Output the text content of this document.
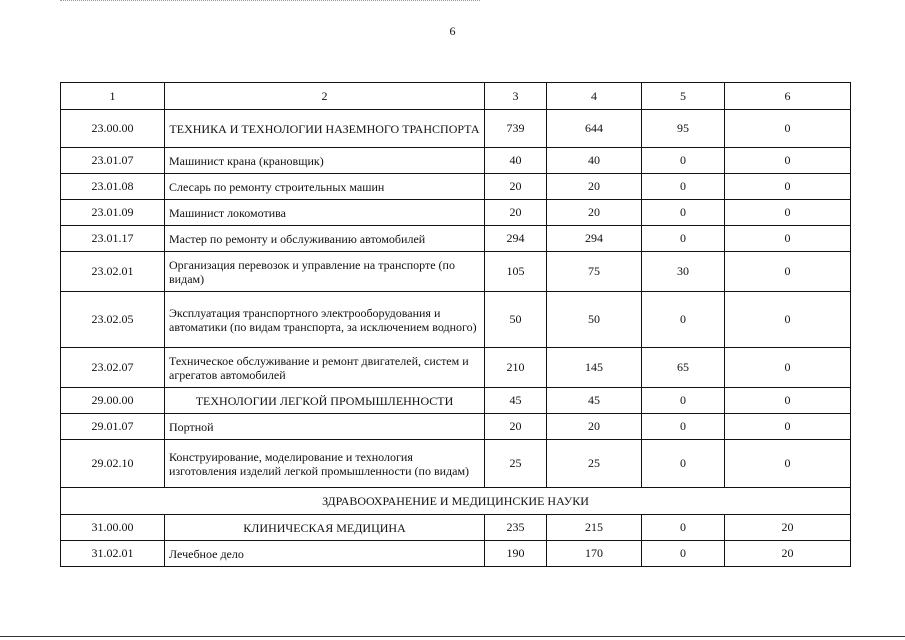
6
1	2	3	4	5	6
23.00.00	ТЕХНИКА И ТЕХНОЛОГИИ НАЗЕМНОГО ТРАНСПОРТА	739	644	95	0
23.01.07	Машинист крана (крановщик)	40	40	0	0
23.01.08	Слесарь по ремонту строительных машин	20	20	0	0
23.01.09	Машинист локомотива	20	20	0	0
23.01.17	Мастер по ремонту и обслуживанию автомобилей	294	294	0	0
23.02.01	Организация перевозок и управление на транспорте (по видам)	105	75	30	0
23.02.05	Эксплуатация транспортного электрооборудования и автоматики (по видам транспорта, за исключением водного)	50	50	0	0
23.02.07	Техническое обслуживание и ремонт двигателей, систем и агрегатов автомобилей	210	145	65	0
29.00.00	ТЕХНОЛОГИИ ЛЕГКОЙ ПРОМЫШЛЕННОСТИ	45	45	0	0
29.01.07	Портной	20	20	0	0
29.02.10	Конструирование, моделирование и технология изготовления изделий легкой промышленности (по видам)	25	25	0	0
ЗДРАВООХРАНЕНИЕ И МЕДИЦИНСКИЕ НАУКИ					
31.00.00	КЛИНИЧЕСКАЯ МЕДИЦИНА	235	215	0	20
31.02.01	Лечебное дело	190	170	0	20
